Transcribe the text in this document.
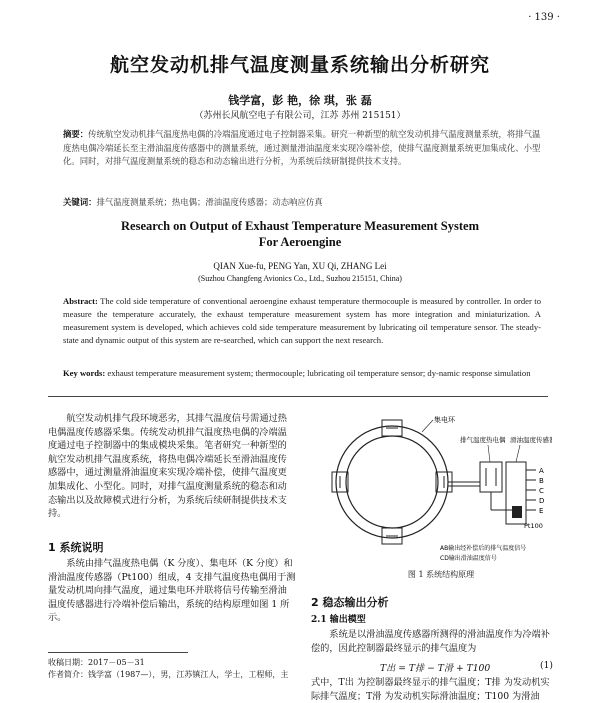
· 139 ·
航空发动机排气温度测量系统输出分析研究
钱学富，彭 艳，徐 琪，张 磊
（苏州长风航空电子有限公司，江苏 苏州 215151）
摘要：传统航空发动机排气温度热电偶的冷端温度通过电子控制器采集。研究一种新型的航空发动机排气温度测量系统，将排气温度热电偶冷端延长至主滑油温度传感器中的测量系统，通过测量滑油温度来实现冷端补偿，使排气温度测量系统更加集成化、小型化。同时，对排气温度测量系统的稳态和动态输出进行分析，为系统后续研制提供技术支持。
关键词：排气温度测量系统；热电偶；滑油温度传感器；动态响应仿真
Research on Output of Exhaust Temperature Measurement System
For Aeroengine
QIAN Xue-fu, PENG Yan, XU Qi, ZHANG Lei
(Suzhou Changfeng Avionics Co., Ltd., Suzhou 215151, China)
Abstract: The cold side temperature of conventional aeroengine exhaust temperature thermocouple is measured by controller. In order to measure the temperature accurately, the exhaust temperature measurement system has more integration and miniaturization. A measurement system is developed, which achieves cold side temperature measurement by lubricating oil temperature sensor. The steady-state and dynamic output of this system are re-searched, which can support the next research.
Key words: exhaust temperature measurement system; thermocouple; lubricating oil temperature sensor; dy-namic response simulation
航空发动机排气段环境恶劣，其排气温度信号需通过热电偶温度传感器采集。传统发动机排气温度热电偶的冷端温度通过电子控制器中的集成模块采集。笔者研究一种新型的航空发动机排气温度系统，将热电偶冷端延长至滑油温度传感器中，通过测量滑油温度来实现冷端补偿，使排气温度更加集成化、小型化。同时，对排气温度测量系统的稳态和动态输出以及故障模式进行分析，为系统后续研制提供技术支持。
1 系统说明
系统由排气温度热电偶（K 分度）、集电环（K 分度）和滑油温度传感器（Pt100）组成，4 支排气温度热电偶用于测量发动机周向排气温度，通过集电环并联将信号传输至滑油温度传感器进行冷端补偿后输出，系统的结构原理如图 1 所示。
收稿日期：2017－05－31
作者简介：钱学富（1987—），男，江苏镇江人，学士，工程师，主
A
B
C
D
E
集电环
排气温度热电偶 滑油温度传感器
Pt100
AB输出经补偿后的排气温度信号
CD输出滑油温度信号
图 1 系统结构原理
2 稳态输出分析
2.1 输出模型
系统是以滑油温度传感器所测得的滑油温度作为冷端补偿的，因此控制器最终显示的排气温度为
T出 = T排 − T滑 + T100	(1)
式中，T出 为控制器最终显示的排气温度；T排 为发动机实际排气温度；T滑 为发动机实际滑油温度；T100 为滑油
